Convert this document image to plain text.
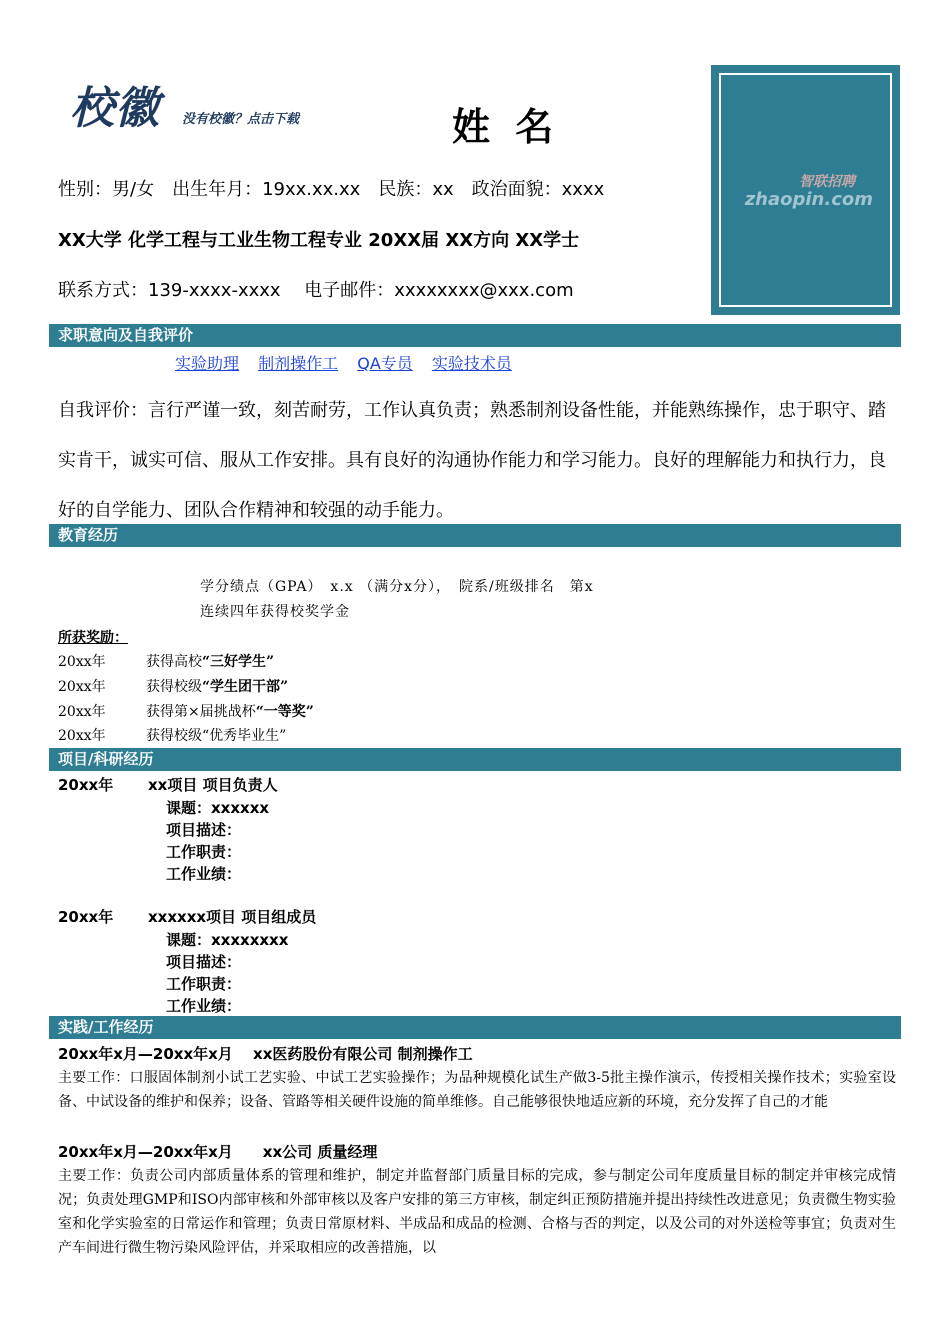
校徽 没有校徽？点击下载	姓 名
智联招聘
zhaopin.com
性别：男/女　出生年月：19xx.xx.xx　民族：xx　政治面貌：xxxx
XX大学 化学工程与工业生物工程专业 20XX届 XX方向 XX学士
联系方式：139-xxxx-xxxx　 电子邮件：xxxxxxxx@xxx.com
求职意向及自我评价
实验助理 制剂操作工 QA专员 实验技术员
自我评价：言行严谨一致，刻苦耐劳，工作认真负责；熟悉制剂设备性能，并能熟练操作，忠于职守、踏实肯干，诚实可信、服从工作安排。具有良好的沟通协作能力和学习能力。良好的理解能力和执行力，良好的自学能力、团队合作精神和较强的动手能力。
教育经历
学分绩点（GPA）　x.x （满分x分），　院系/班级排名　第x
连续四年获得校奖学金
所获奖励：
20xx年	获得高校“三好学生”
20xx年	获得校级“学生团干部”
20xx年	获得第×届挑战杯“一等奖”
20xx年	获得校级“优秀毕业生”
项目/科研经历
20xx年 xx项目 项目负责人
课题：xxxxxx
项目描述：
工作职责：
工作业绩：
20xx年 xxxxxx项目 项目组成员
课题：xxxxxxxx
项目描述：
工作职责：
工作业绩：
实践/工作经历
20xx年x月—20xx年x月　 xx医药股份有限公司 制剂操作工
主要工作：口服固体制剂小试工艺实验、中试工艺实验操作；为品种规模化试生产做3-5批主操作演示，传授相关操作技术；实验室设备、中试设备的维护和保养；设备、管路等相关硬件设施的简单维修。自己能够很快地适应新的环境，充分发挥了自己的才能
20xx年x月—20xx年x月　　xx公司 质量经理
主要工作：负责公司内部质量体系的管理和维护，制定并监督部门质量目标的完成，参与制定公司年度质量目标的制定并审核完成情况；负责处理GMP和ISO内部审核和外部审核以及客户安排的第三方审核，制定纠正预防措施并提出持续性改进意见；负责微生物实验室和化学实验室的日常运作和管理；负责日常原材料、半成品和成品的检测、合格与否的判定，以及公司的对外送检等事宜；负责对生产车间进行微生物污染风险评估，并采取相应的改善措施，以
